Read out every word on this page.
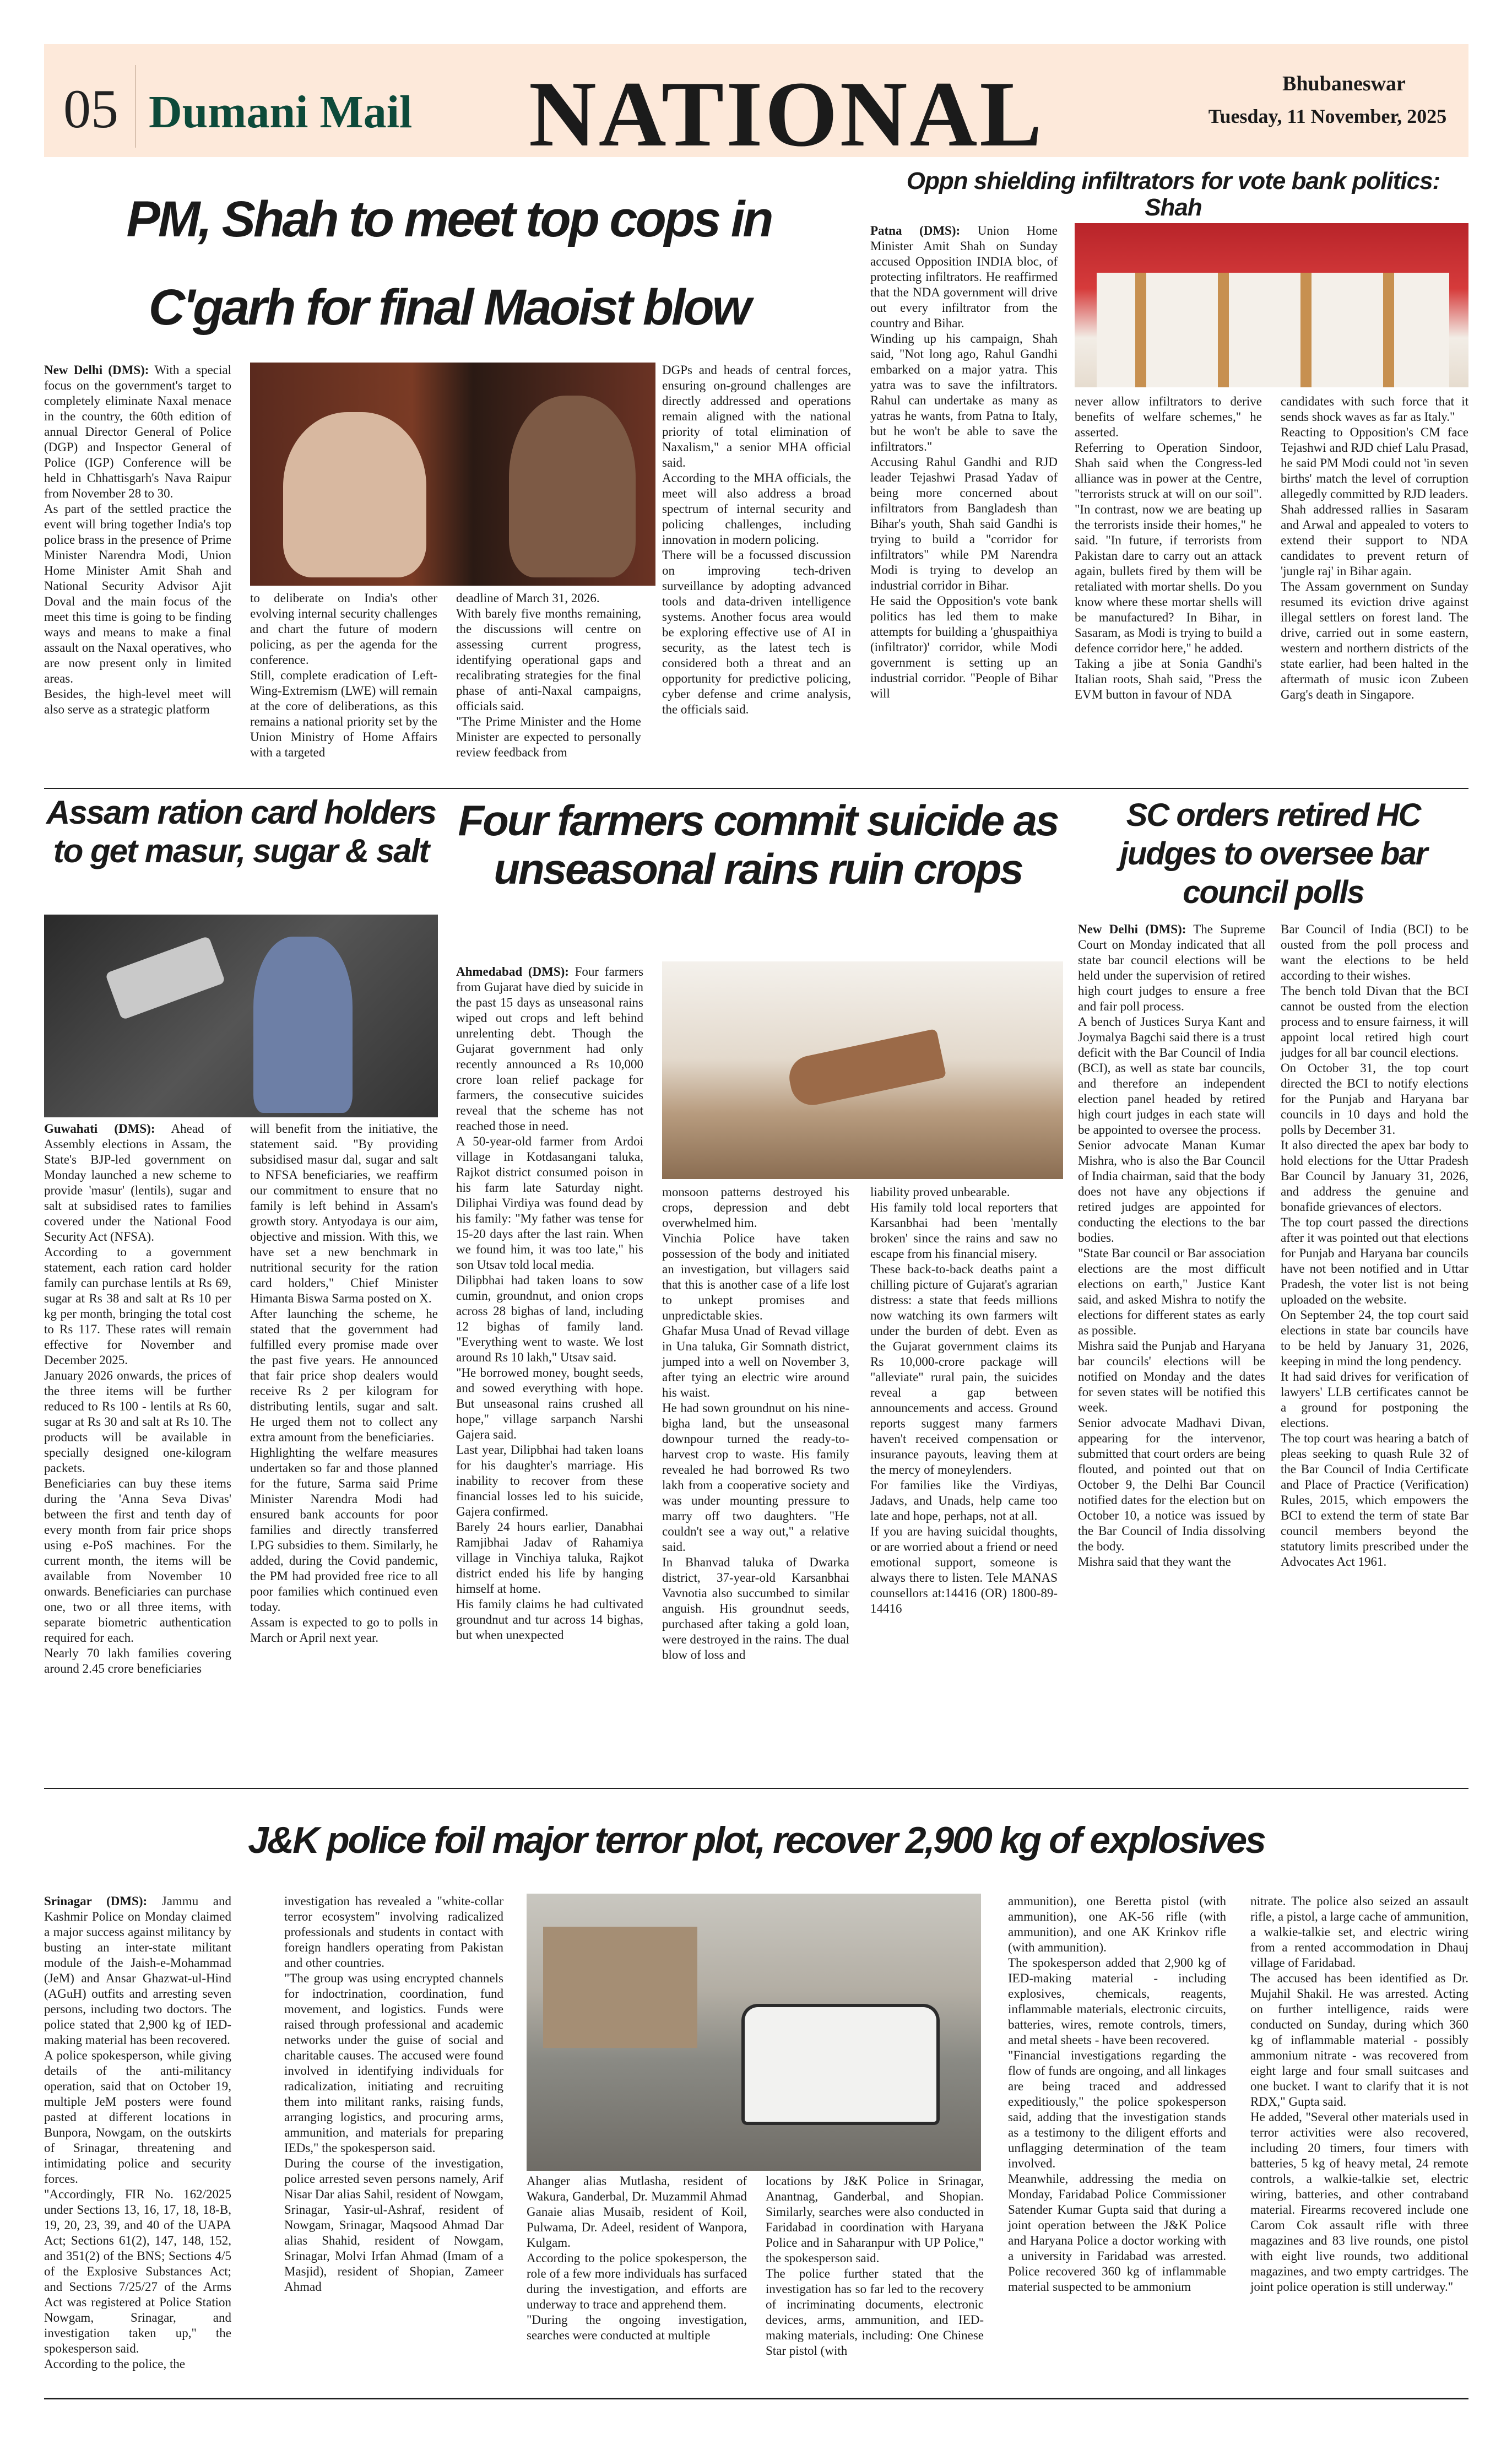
05 Dumani Mail NATIONAL	Bhubaneswar
Tuesday, 11 November, 2025
PM, Shah to meet top cops in
C'garh for final Maoist blow

New Delhi (DMS): With a special focus on the government's target to completely eliminate Naxal menace in the country, the 60th edition of annual Director General of Police (DGP) and Inspector General of Police (IGP) Conference will be held in Chhattisgarh's Nava Raipur from November 28 to 30.

As part of the settled practice the event will bring together India's top police brass in the presence of Prime Minister Narendra Modi, Union Home Minister Amit Shah and National Security Advisor Ajit Doval and the main focus of the meet this time is going to be finding ways and means to make a final assault on the Naxal operatives, who are now present only in limited areas.

Besides, the high-level meet will also serve as a strategic platform

to deliberate on India's other evolving internal security challenges and chart the future of modern policing, as per the agenda for the conference.

Still, complete eradication of Left-Wing-Extremism (LWE) will remain at the core of deliberations, as this remains a national priority set by the Union Ministry of Home Affairs with a targeted

deadline of March 31, 2026.

With barely five months remaining, the discussions will centre on assessing current progress, identifying operational gaps and recalibrating strategies for the final phase of anti-Naxal campaigns, officials said.

"The Prime Minister and the Home Minister are expected to personally review feedback from

DGPs and heads of central forces, ensuring on-ground challenges are directly addressed and operations remain aligned with the national priority of total elimination of Naxalism," a senior MHA official said.

According to the MHA officials, the meet will also address a broad spectrum of internal security and policing challenges, including innovation in modern policing.

There will be a focussed discussion on improving tech-driven surveillance by adopting advanced tools and data-driven intelligence systems. Another focus area would be exploring effective use of AI in security, as the latest tech is considered both a threat and an opportunity for predictive policing, cyber defense and crime analysis, the officials said.

Oppn shielding infiltrators for vote bank politics: Shah

Patna (DMS): Union Home Minister Amit Shah on Sunday accused Opposition INDIA bloc, of protecting infiltrators. He reaffirmed that the NDA government will drive out every infiltrator from the country and Bihar.

Winding up his campaign, Shah said, "Not long ago, Rahul Gandhi embarked on a major yatra. This yatra was to save the infiltrators. Rahul can undertake as many as yatras he wants, from Patna to Italy, but he won't be able to save the infiltrators."

Accusing Rahul Gandhi and RJD leader Tejashwi Prasad Yadav of being more concerned about infiltrators from Bangladesh than Bihar's youth, Shah said Gandhi is trying to build a "corridor for infiltrators" while PM Narendra Modi is trying to develop an industrial corridor in Bihar.

He said the Opposition's vote bank politics has led them to make attempts for building a 'ghuspaithiya (infiltrator)' corridor, while Modi government is setting up an industrial corridor. "People of Bihar will

never allow infiltrators to derive benefits of welfare schemes," he asserted.

Referring to Operation Sindoor, Shah said when the Congress-led alliance was in power at the Centre, "terrorists struck at will on our soil". "In contrast, now we are beating up the terrorists inside their homes," he said. "In future, if terrorists from Pakistan dare to carry out an attack again, bullets fired by them will be retaliated with mortar shells. Do you know where these mortar shells will be manufactured? In Bihar, in Sasaram, as Modi is trying to build a defence corridor here," he added.

Taking a jibe at Sonia Gandhi's Italian roots, Shah said, "Press the EVM button in favour of NDA

candidates with such force that it sends shock waves as far as Italy."

Reacting to Opposition's CM face Tejashwi and RJD chief Lalu Prasad, he said PM Modi could not 'in seven births' match the level of corruption allegedly committed by RJD leaders.

Shah addressed rallies in Sasaram and Arwal and appealed to voters to extend their support to NDA candidates to prevent return of 'jungle raj' in Bihar again.

The Assam government on Sunday resumed its eviction drive against illegal settlers on forest land. The drive, carried out in some eastern, western and northern districts of the state earlier, had been halted in the aftermath of music icon Zubeen Garg's death in Singapore.

Assam ration card holders to get masur, sugar & salt

Guwahati (DMS): Ahead of Assembly elections in Assam, the State's BJP-led government on Monday launched a new scheme to provide 'masur' (lentils), sugar and salt at subsidised rates to families covered under the National Food Security Act (NFSA).

According to a government statement, each ration card holder family can purchase lentils at Rs 69, sugar at Rs 38 and salt at Rs 10 per kg per month, bringing the total cost to Rs 117. These rates will remain effective for November and December 2025.

January 2026 onwards, the prices of the three items will be further reduced to Rs 100 - lentils at Rs 60, sugar at Rs 30 and salt at Rs 10. The products will be available in specially designed one-kilogram packets.

Beneficiaries can buy these items during the 'Anna Seva Divas' between the first and tenth day of every month from fair price shops using e-PoS machines. For the current month, the items will be available from November 10 onwards. Beneficiaries can purchase one, two or all three items, with separate biometric authentication required for each.

Nearly 70 lakh families covering around 2.45 crore beneficiaries

will benefit from the initiative, the statement said. "By providing subsidised masur dal, sugar and salt to NFSA beneficiaries, we reaffirm our commitment to ensure that no family is left behind in Assam's growth story. Antyodaya is our aim, objective and mission. With this, we have set a new benchmark in nutritional security for the ration card holders," Chief Minister Himanta Biswa Sarma posted on X.

After launching the scheme, he stated that the government had fulfilled every promise made over the past five years. He announced that fair price shop dealers would receive Rs 2 per kilogram for distributing lentils, sugar and salt. He urged them not to collect any extra amount from the beneficiaries.

Highlighting the welfare measures undertaken so far and those planned for the future, Sarma said Prime Minister Narendra Modi had ensured bank accounts for poor families and directly transferred LPG subsidies to them. Similarly, he added, during the Covid pandemic, the PM had provided free rice to all poor families which continued even today.

Assam is expected to go to polls in March or April next year.

Four farmers commit suicide as unseasonal rains ruin crops

Ahmedabad (DMS): Four farmers from Gujarat have died by suicide in the past 15 days as unseasonal rains wiped out crops and left behind unrelenting debt. Though the Gujarat government had only recently announced a Rs 10,000 crore loan relief package for farmers, the consecutive suicides reveal that the scheme has not reached those in need.

A 50-year-old farmer from Ardoi village in Kotdasangani taluka, Rajkot district consumed poison in his farm late Saturday night. Diliphai Virdiya was found dead by his family: "My father was tense for 15-20 days after the last rain. When we found him, it was too late," his son Utsav told local media.

Dilipbhai had taken loans to sow cumin, groundnut, and onion crops across 28 bighas of land, including 12 bighas of family land. "Everything went to waste. We lost around Rs 10 lakh," Utsav said.

"He borrowed money, bought seeds, and sowed everything with hope. But unseasonal rains crushed all hope," village sarpanch Narshi Gajera said.

Last year, Dilipbhai had taken loans for his daughter's marriage. His inability to recover from these financial losses led to his suicide, Gajera confirmed.

Barely 24 hours earlier, Danabhai Ramjibhai Jadav of Rahamiya village in Vinchiya taluka, Rajkot district ended his life by hanging himself at home.

His family claims he had cultivated groundnut and tur across 14 bighas, but when unexpected

monsoon patterns destroyed his crops, depression and debt overwhelmed him.

Vinchia Police have taken possession of the body and initiated an investigation, but villagers said that this is another case of a life lost to unkept promises and unpredictable skies.

Ghafar Musa Unad of Revad village in Una taluka, Gir Somnath district, jumped into a well on November 3, after tying an electric wire around his waist.

He had sown groundnut on his nine-bigha land, but the unseasonal downpour turned the ready-to-harvest crop to waste. His family revealed he had borrowed Rs two lakh from a cooperative society and was under mounting pressure to marry off two daughters. "He couldn't see a way out," a relative said.

In Bhanvad taluka of Dwarka district, 37-year-old Karsanbhai Vavnotia also succumbed to similar anguish. His groundnut seeds, purchased after taking a gold loan, were destroyed in the rains. The dual blow of loss and

liability proved unbearable.

His family told local reporters that Karsanbhai had been 'mentally broken' since the rains and saw no escape from his financial misery.

These back-to-back deaths paint a chilling picture of Gujarat's agrarian distress: a state that feeds millions now watching its own farmers wilt under the burden of debt. Even as the Gujarat government claims its Rs 10,000-crore package will "alleviate" rural pain, the suicides reveal a gap between announcements and access. Ground reports suggest many farmers haven't received compensation or insurance payouts, leaving them at the mercy of moneylenders.

For families like the Virdiyas, Jadavs, and Unads, help came too late and hope, perhaps, not at all.

If you are having suicidal thoughts, or are worried about a friend or need emotional support, someone is always there to listen. Tele MANAS counsellors at:14416 (OR) 1800-89-14416

SC orders retired HC judges to oversee bar council polls

New Delhi (DMS): The Supreme Court on Monday indicated that all state bar council elections will be held under the supervision of retired high court judges to ensure a free and fair poll process.

A bench of Justices Surya Kant and Joymalya Bagchi said there is a trust deficit with the Bar Council of India (BCI), as well as state bar councils, and therefore an independent election panel headed by retired high court judges in each state will be appointed to oversee the process.

Senior advocate Manan Kumar Mishra, who is also the Bar Council of India chairman, said that the body does not have any objections if retired judges are appointed for conducting the elections to the bar bodies.

"State Bar council or Bar association elections are the most difficult elections on earth," Justice Kant said, and asked Mishra to notify the elections for different states as early as possible.

Mishra said the Punjab and Haryana bar councils' elections will be notified on Monday and the dates for seven states will be notified this week.

Senior advocate Madhavi Divan, appearing for the intervenor, submitted that court orders are being flouted, and pointed out that on October 9, the Delhi Bar Council notified dates for the election but on October 10, a notice was issued by the Bar Council of India dissolving the body.

Mishra said that they want the

Bar Council of India (BCI) to be ousted from the poll process and want the elections to be held according to their wishes.

The bench told Divan that the BCI cannot be ousted from the election process and to ensure fairness, it will appoint local retired high court judges for all bar council elections.

On October 31, the top court directed the BCI to notify elections for the Punjab and Haryana bar councils in 10 days and hold the polls by December 31.

It also directed the apex bar body to hold elections for the Uttar Pradesh Bar Council by January 31, 2026, and address the genuine and bonafide grievances of electors.

The top court passed the directions after it was pointed out that elections for Punjab and Haryana bar councils have not been notified and in Uttar Pradesh, the voter list is not being uploaded on the website.

On September 24, the top court said elections in state bar councils have to be held by January 31, 2026, keeping in mind the long pendency.

It had said drives for verification of lawyers' LLB certificates cannot be a ground for postponing the elections.

The top court was hearing a batch of pleas seeking to quash Rule 32 of the Bar Council of India Certificate and Place of Practice (Verification) Rules, 2015, which empowers the BCI to extend the term of state Bar council members beyond the statutory limits prescribed under the Advocates Act 1961.

J&K police foil major terror plot, recover 2,900 kg of explosives

Srinagar (DMS): Jammu and Kashmir Police on Monday claimed a major success against militancy by busting an inter-state militant module of the Jaish-e-Mohammad (JeM) and Ansar Ghazwat-ul-Hind (AGuH) outfits and arresting seven persons, including two doctors. The police stated that 2,900 kg of IED-making material has been recovered.

A police spokesperson, while giving details of the anti-militancy operation, said that on October 19, multiple JeM posters were found pasted at different locations in Bunpora, Nowgam, on the outskirts of Srinagar, threatening and intimidating police and security forces.

"Accordingly, FIR No. 162/2025 under Sections 13, 16, 17, 18, 18-B, 19, 20, 23, 39, and 40 of the UAPA Act; Sections 61(2), 147, 148, 152, and 351(2) of the BNS; Sections 4/5 of the Explosive Substances Act; and Sections 7/25/27 of the Arms Act was registered at Police Station Nowgam, Srinagar, and investigation taken up," the spokesperson said.

According to the police, the

investigation has revealed a "white-collar terror ecosystem" involving radicalized professionals and students in contact with foreign handlers operating from Pakistan and other countries.

"The group was using encrypted channels for indoctrination, coordination, fund movement, and logistics. Funds were raised through professional and academic networks under the guise of social and charitable causes. The accused were found involved in identifying individuals for radicalization, initiating and recruiting them into militant ranks, raising funds, arranging logistics, and procuring arms, ammunition, and materials for preparing IEDs," the spokesperson said.

During the course of the investigation, police arrested seven persons namely, Arif Nisar Dar alias Sahil, resident of Nowgam, Srinagar, Yasir-ul-Ashraf, resident of Nowgam, Srinagar, Maqsood Ahmad Dar alias Shahid, resident of Nowgam, Srinagar, Molvi Irfan Ahmad (Imam of a Masjid), resident of Shopian, Zameer Ahmad

Ahanger alias Mutlasha, resident of Wakura, Ganderbal, Dr. Muzammil Ahmad Ganaie alias Musaib, resident of Koil, Pulwama, Dr. Adeel, resident of Wanpora, Kulgam.

According to the police spokesperson, the role of a few more individuals has surfaced during the investigation, and efforts are underway to trace and apprehend them.

"During the ongoing investigation, searches were conducted at multiple

locations by J&K Police in Srinagar, Anantnag, Ganderbal, and Shopian. Similarly, searches were also conducted in Faridabad in coordination with Haryana Police and in Saharanpur with UP Police," the spokesperson said.

The police further stated that the investigation has so far led to the recovery of incriminating documents, electronic devices, arms, ammunition, and IED-making materials, including: One Chinese Star pistol (with

ammunition), one Beretta pistol (with ammunition), one AK-56 rifle (with ammunition), and one AK Krinkov rifle (with ammunition).

The spokesperson added that 2,900 kg of IED-making material - including explosives, chemicals, reagents, inflammable materials, electronic circuits, batteries, wires, remote controls, timers, and metal sheets - have been recovered.

"Financial investigations regarding the flow of funds are ongoing, and all linkages are being traced and addressed expeditiously," the police spokesperson said, adding that the investigation stands as a testimony to the diligent efforts and unflagging determination of the team involved.

Meanwhile, addressing the media on Monday, Faridabad Police Commissioner Satender Kumar Gupta said that during a joint operation between the J&K Police and Haryana Police a doctor working with a university in Faridabad was arrested. Police recovered 360 kg of inflammable material suspected to be ammonium

nitrate. The police also seized an assault rifle, a pistol, a large cache of ammunition, a walkie-talkie set, and electric wiring from a rented accommodation in Dhauj village of Faridabad.

The accused has been identified as Dr. Mujahil Shakil. He was arrested. Acting on further intelligence, raids were conducted on Sunday, during which 360 kg of inflammable material - possibly ammonium nitrate - was recovered from eight large and four small suitcases and one bucket. I want to clarify that it is not RDX," Gupta said.

He added, "Several other materials used in terror activities were also recovered, including 20 timers, four timers with batteries, 5 kg of heavy metal, 24 remote controls, a walkie-talkie set, electric wiring, batteries, and other contraband material. Firearms recovered include one Carom Cok assault rifle with three magazines and 83 live rounds, one pistol with eight live rounds, two additional magazines, and two empty cartridges. The joint police operation is still underway."
